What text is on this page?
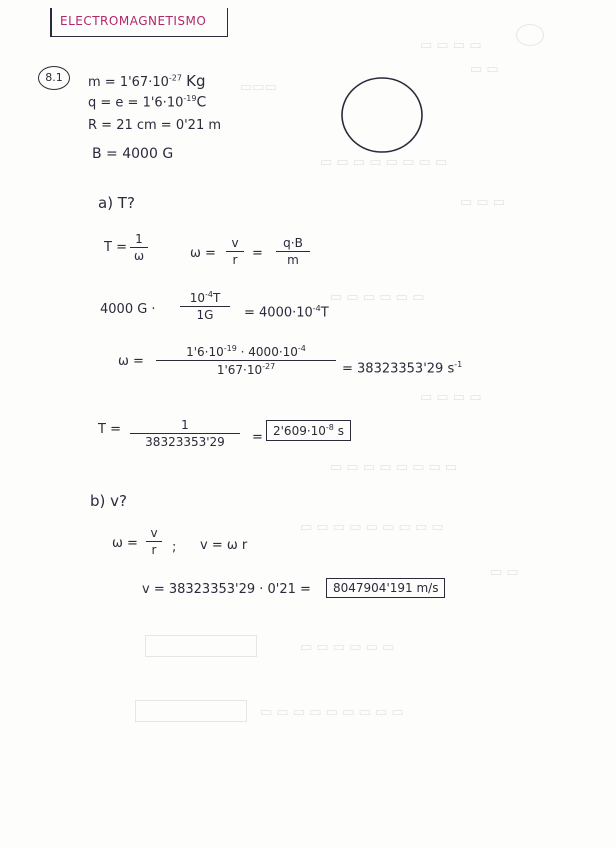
▭ ▭ ▭ ▭
▭ ▭
▭▭▭
▭ ▭ ▭ ▭ ▭ ▭ ▭ ▭
▭ ▭ ▭
▭ ▭ ▭ ▭ ▭ ▭
▭ ▭ ▭ ▭
▭ ▭ ▭ ▭ ▭ ▭ ▭ ▭
▭ ▭ ▭ ▭ ▭ ▭ ▭ ▭ ▭
▭ ▭
▭ ▭ ▭ ▭ ▭ ▭
▭ ▭ ▭ ▭ ▭ ▭ ▭ ▭ ▭
ELECTROMAGNETISMO
8.1	$m = 1'67\cdot 10^{-27}$ Kg
$q = e = 1'6\cdot 10^{-19}C$
R = 21 cm = 0'21 m
B = 4000 G
a) T?
T =
1
ω	ω =
v
r	=
q·B
m
4000 G ·
$10^{-4}T$
1G	= $4000\cdot 10^{-4}T$
ω =
$1'6\cdot 10^{-19} \cdot 4000\cdot 10^{-4}$
$1'67\cdot 10^{-27}$	= 38323353'29 $s^{-1}$
T =	1
38323353'29	= $2'609\cdot 10^{-8}$ s
b) v?
ω =
v
r	; v = ω r
v = 38323353'29 · 0'21 =	8047904'191 m/s
